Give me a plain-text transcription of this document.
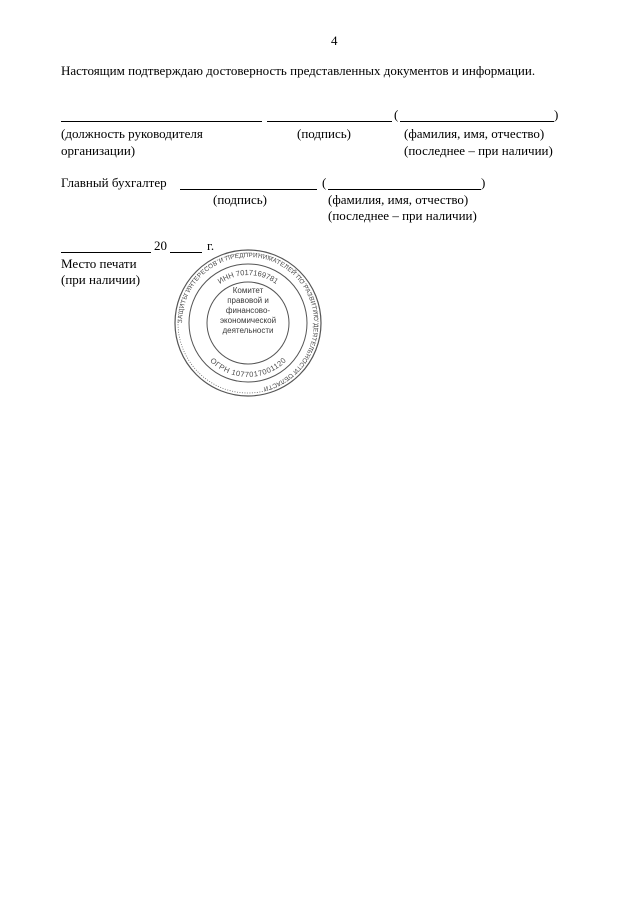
4
Настоящим подтверждаю достоверность представленных документов и информации.
(	)
(должность руководителя
организации)
(подпись)	(фамилия, имя, отчество)
(последнее – при наличии)
Главный бухгалтер	(	)
(подпись)	(фамилия, имя, отчество)
(последнее – при наличии)
20	г.
Место печати
(при наличии)
ЗАЩИТЫ ИНТЕРЕСОВ И ПРЕДПРИНИМАТЕЛЕЙ ПО РАЗВИТИЮ ДЕЯТЕЛЬНОСТИ ОБЛАСТИ
ИНН 7017169781
ОГРН 1077017001120
Комитет
правовой и
финансово-
экономической
деятельности
